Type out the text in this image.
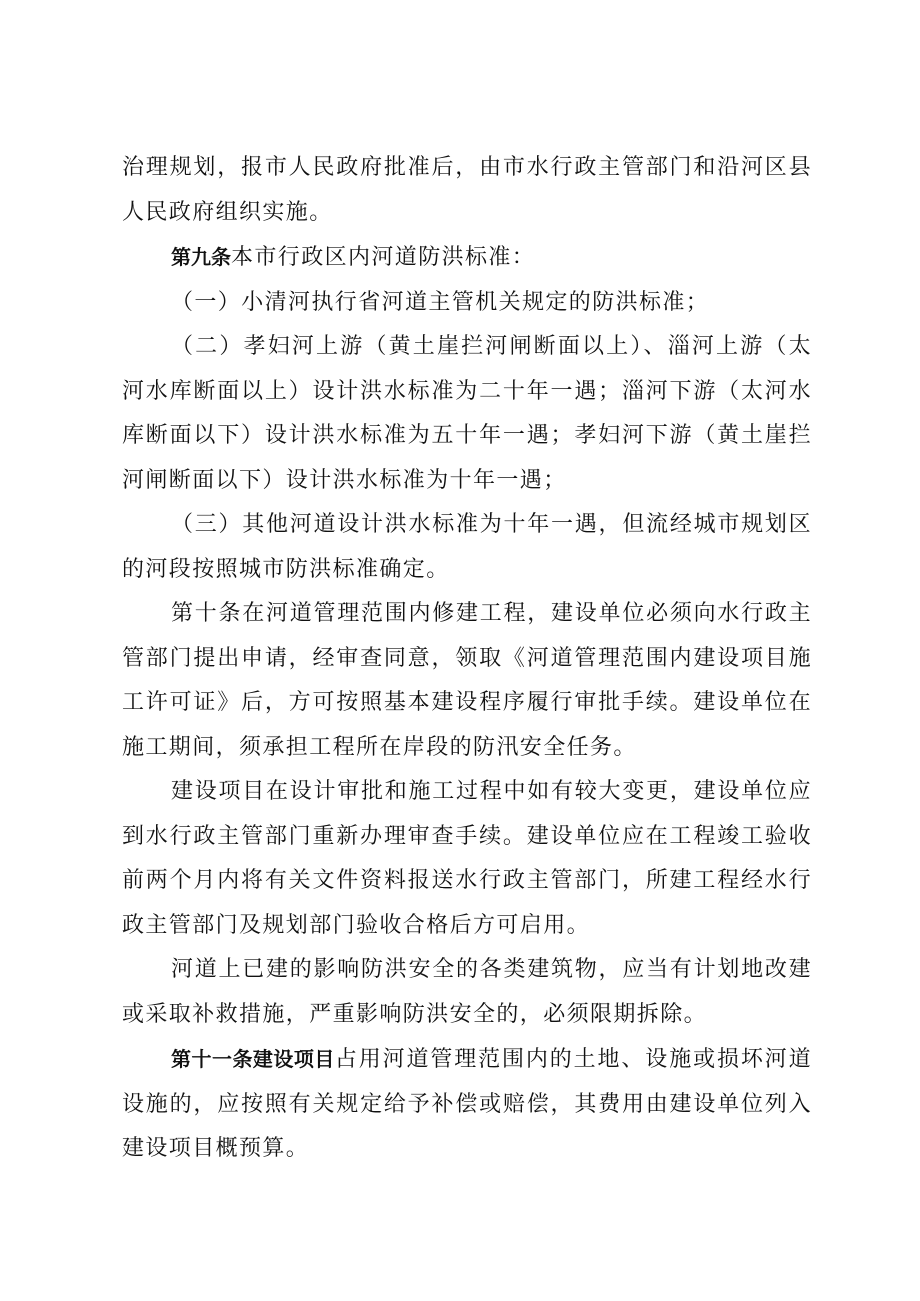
治理规划，报市人民政府批准后，由市水行政主管部门和沿河区县人民政府组织实施。

第九条本市行政区内河道防洪标准：

（一）小清河执行省河道主管机关规定的防洪标准；

（二）孝妇河上游（黄土崖拦河闸断面以上）、淄河上游（太河水库断面以上）设计洪水标准为二十年一遇；淄河下游（太河水库断面以下）设计洪水标准为五十年一遇；孝妇河下游（黄土崖拦河闸断面以下）设计洪水标准为十年一遇；

（三）其他河道设计洪水标准为十年一遇，但流经城市规划区的河段按照城市防洪标准确定。

第十条在河道管理范围内修建工程，建设单位必须向水行政主管部门提出申请，经审查同意，领取《河道管理范围内建设项目施工许可证》后，方可按照基本建设程序履行审批手续。建设单位在施工期间，须承担工程所在岸段的防汛安全任务。

建设项目在设计审批和施工过程中如有较大变更，建设单位应到水行政主管部门重新办理审查手续。建设单位应在工程竣工验收前两个月内将有关文件资料报送水行政主管部门，所建工程经水行政主管部门及规划部门验收合格后方可启用。

河道上已建的影响防洪安全的各类建筑物，应当有计划地改建或采取补救措施，严重影响防洪安全的，必须限期拆除。

第十一条建设项目占用河道管理范围内的土地、设施或损坏河道设施的，应按照有关规定给予补偿或赔偿，其费用由建设单位列入建设项目概预算。
